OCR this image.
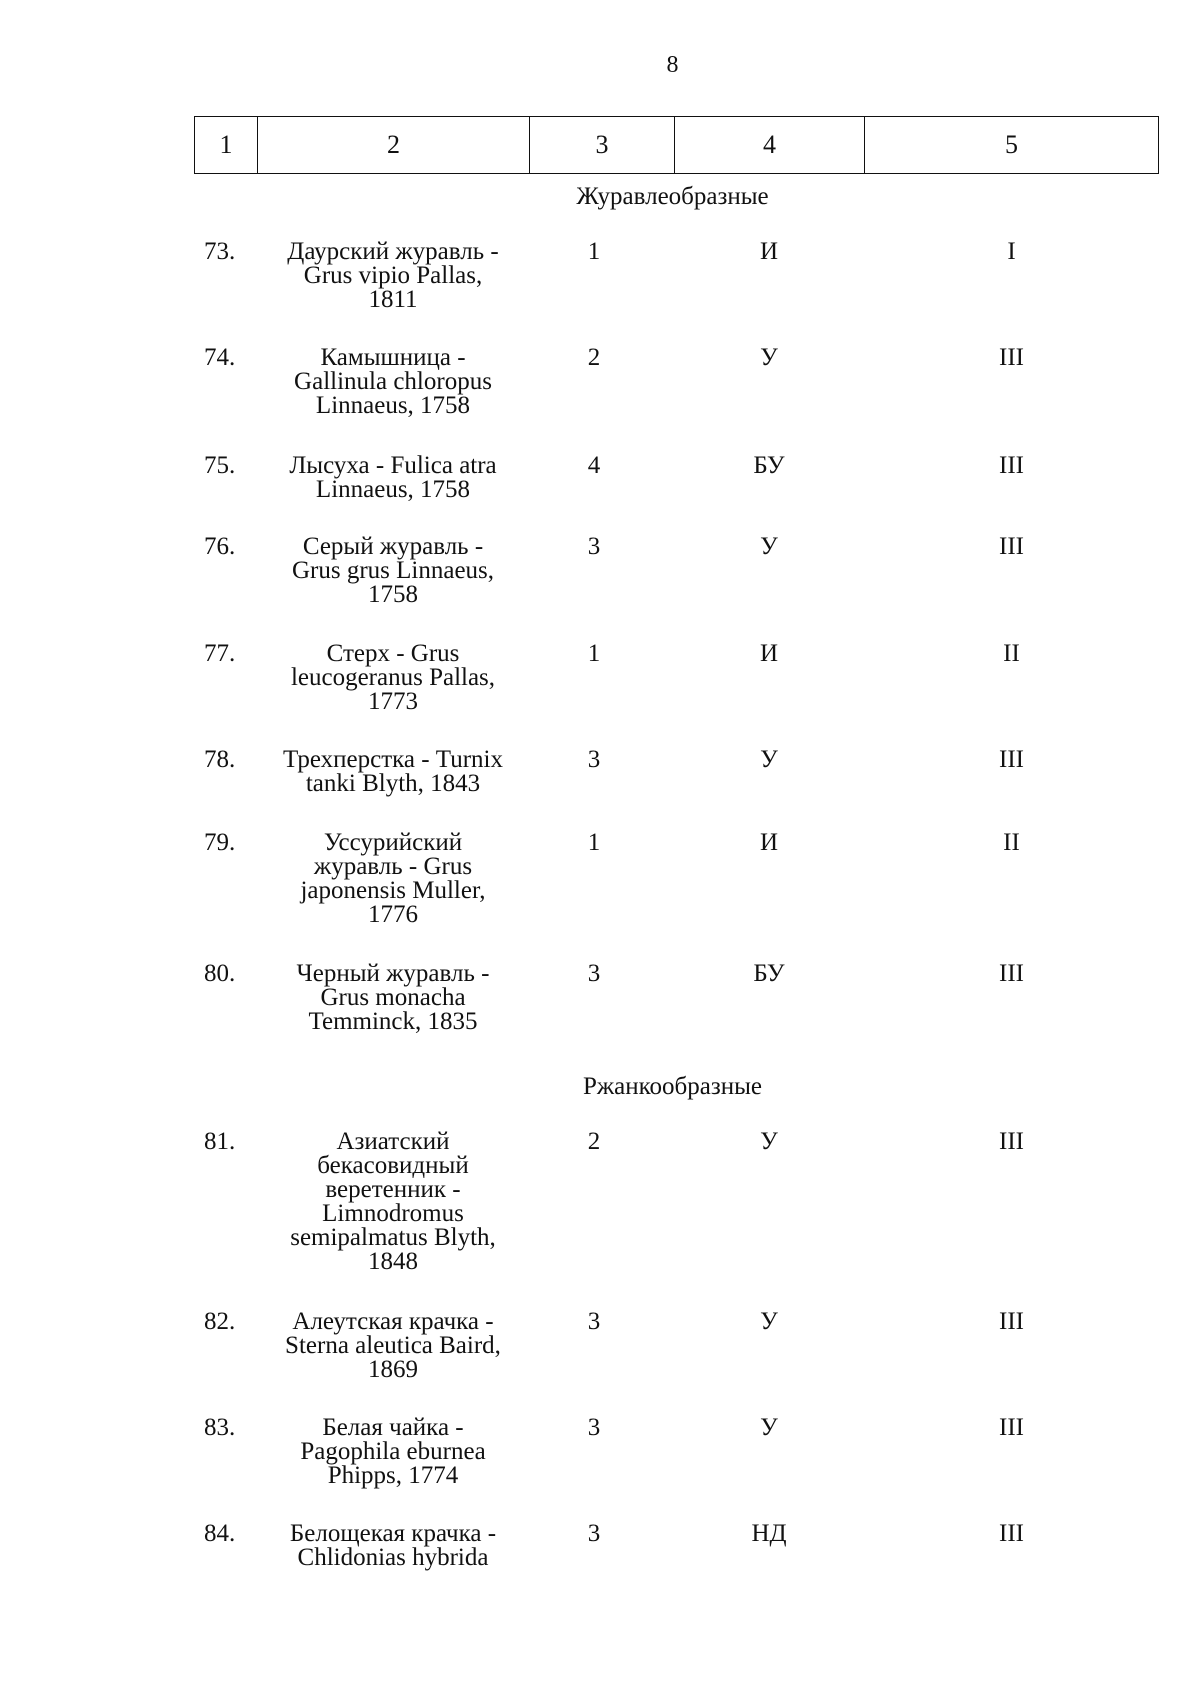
8
1	2	3	4	5
Журавлеобразные
73.	Даурский журавль -
Grus vipio Pallas,
1811
1	И	I
74.	Камышница -
Gallinula chloropus
Linnaeus, 1758
2	У	III
75.	Лысуха - Fulica atra
Linnaeus, 1758
4	БУ	III
76.	Серый журавль -
Grus grus Linnaeus,
1758
3	У	III
77.	Стерх - Grus
leucogeranus Pallas,
1773
1	И	II
78.	Трехперстка - Turnix
tanki Blyth, 1843
3	У	III
79.	Уссурийский
журавль - Grus
japonensis Muller,
1776
1	И	II
80.	Черный журавль -
Grus monacha
Temminck, 1835
3	БУ	III
Ржанкообразные
81.	Азиатский
бекасовидный
веретенник -
Limnodromus
semipalmatus Blyth,
1848
2	У	III
82.	Алеутская крачка -
Sterna aleutica Baird,
1869
3	У	III
83.	Белая чайка -
Pagophila eburnea
Phipps, 1774
3	У	III
84.	Белощекая крачка -
Chlidonias hybrida
3	НД	III
